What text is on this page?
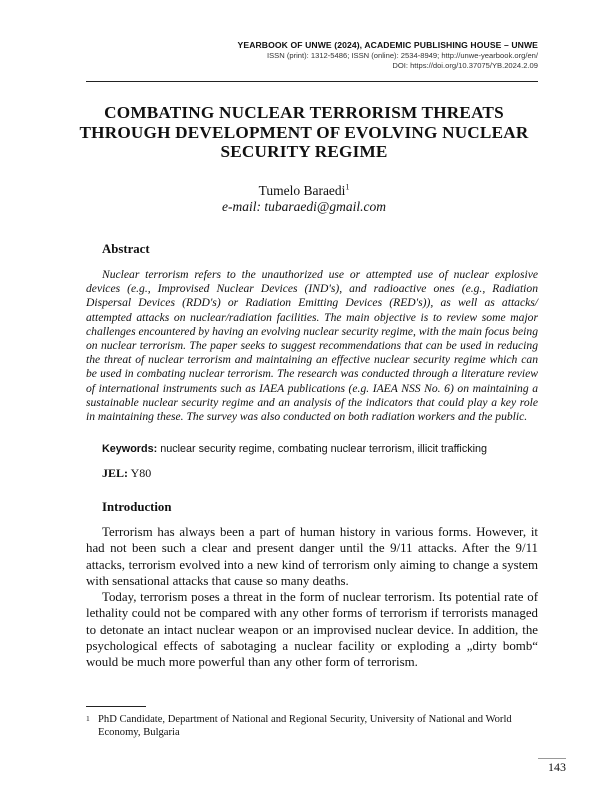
YEARBOOK OF UNWE (2024), ACADEMIC PUBLISHING HOUSE – UNWE
ISSN (print): 1312-5486; ISSN (online): 2534-8949; http://unwe-yearbook.org/en/
DOI: https://doi.org/10.37075/YB.2024.2.09
COMBATING NUCLEAR TERRORISM THREATS THROUGH DEVELOPMENT OF EVOLVING NUCLEAR SECURITY REGIME
Tumelo Baraedi$^1$
e-mail: tubaraedi@gmail.com
Abstract
Nuclear terrorism refers to the unauthorized use or attempted use of nuclear explosive devices (e.g., Improvised Nuclear Devices (IND's), and radioactive ones (e.g., Radiation Dispersal Devices (RDD's) or Radiation Emitting Devices (RED's)), as well as attacks/ attempted attacks on nuclear/radiation facilities. The main objective is to review some major challenges encountered by having an evolving nuclear security regime, with the main focus being on nuclear terrorism. The paper seeks to suggest recommendations that can be used in reducing the threat of nuclear terrorism and maintaining an effective nuclear security regime which can be used in combating nuclear terrorism. The research was conducted through a literature review of international instruments such as IAEA publications (e.g. IAEA NSS No. 6) on maintaining a sustainable nuclear security regime and an analysis of the indicators that could play a key role in maintaining these. The survey was also conducted on both radiation workers and the public.
Keywords: nuclear security regime, combating nuclear terrorism, illicit trafficking
JEL: Y80
Introduction

Terrorism has always been a part of human history in various forms. However, it had not been such a clear and present danger until the 9/11 attacks. After the 9/11 attacks, terrorism evolved into a new kind of terrorism only aiming to change a system with sensational attacks that cause so many deaths.

Today, terrorism poses a threat in the form of nuclear terrorism. Its potential rate of lethality could not be compared with any other forms of terrorism if terrorists managed to detonate an intact nuclear weapon or an improvised nuclear device. In addition, the psychological effects of sabotaging a nuclear facility or exploding a „dirty bomb“ would be much more powerful than any other form of terrorism.

1 PhD Candidate, Department of National and Regional Security, University of National and World Economy, Bulgaria
143
